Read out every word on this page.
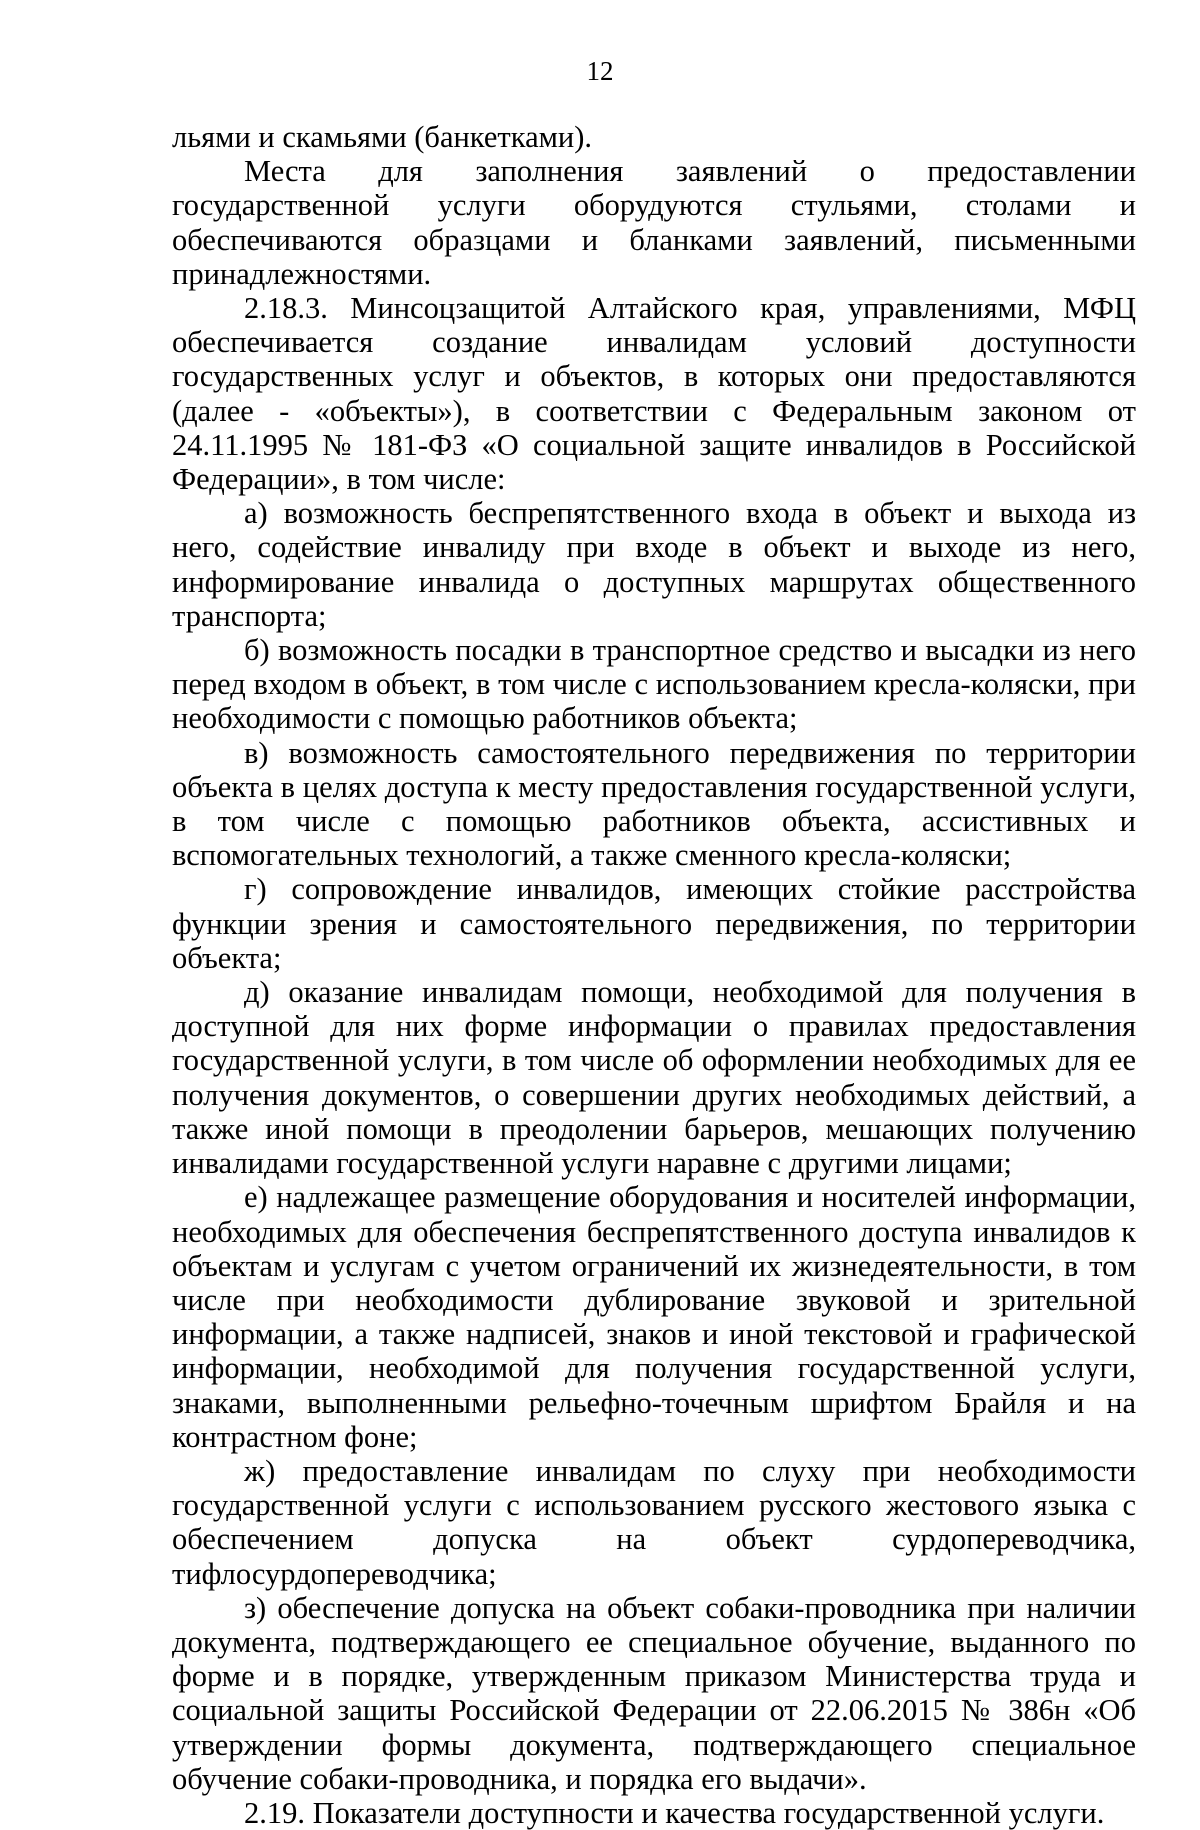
12

льями и скамьями (банкетками).

Места для заполнения заявлений о предоставлении государственной услуги оборудуются стульями, столами и обеспечиваются образцами и бланками заявлений, письменными принадлежностями.

2.18.3. Минсоцзащитой Алтайского края, управлениями, МФЦ обеспечивается создание инвалидам условий доступности государственных услуг и объектов, в которых они предоставляются (далее - «объекты»), в соответствии с Федеральным законом от 24.11.1995 № 181-ФЗ «О социальной защите инвалидов в Российской Федерации», в том числе:

а) возможность беспрепятственного входа в объект и выхода из него, содействие инвалиду при входе в объект и выходе из него, информирование инвалида о доступных маршрутах общественного транспорта;

б) возможность посадки в транспортное средство и высадки из него перед входом в объект, в том числе с использованием кресла-коляски, при необходимости с помощью работников объекта;

в) возможность самостоятельного передвижения по территории объекта в целях доступа к месту предоставления государственной услуги, в том числе с помощью работников объекта, ассистивных и вспомогательных технологий, а также сменного кресла-коляски;

г) сопровождение инвалидов, имеющих стойкие расстройства функции зрения и самостоятельного передвижения, по территории объекта;

д) оказание инвалидам помощи, необходимой для получения в доступной для них форме информации о правилах предоставления государственной услуги, в том числе об оформлении необходимых для ее получения документов, о совершении других необходимых действий, а также иной помощи в преодолении барьеров, мешающих получению инвалидами государственной услуги наравне с другими лицами;

е) надлежащее размещение оборудования и носителей информации, необходимых для обеспечения беспрепятственного доступа инвалидов к объектам и услугам с учетом ограничений их жизнедеятельности, в том числе при необходимости дублирование звуковой и зрительной информации, а также надписей, знаков и иной текстовой и графической информации, необходимой для получения государственной услуги, знаками, выполненными рельефно-точечным шрифтом Брайля и на контрастном фоне;

ж) предоставление инвалидам по слуху при необходимости государственной услуги с использованием русского жестового языка с обеспечением допуска на объект сурдопереводчика, тифлосурдопереводчика;

з) обеспечение допуска на объект собаки-проводника при наличии документа, подтверждающего ее специальное обучение, выданного по форме и в порядке, утвержденным приказом Министерства труда и социальной защиты Российской Федерации от 22.06.2015 № 386н «Об утверждении формы документа, подтверждающего специальное обучение собаки-проводника, и порядка его выдачи».

2.19. Показатели доступности и качества государственной услуги.
